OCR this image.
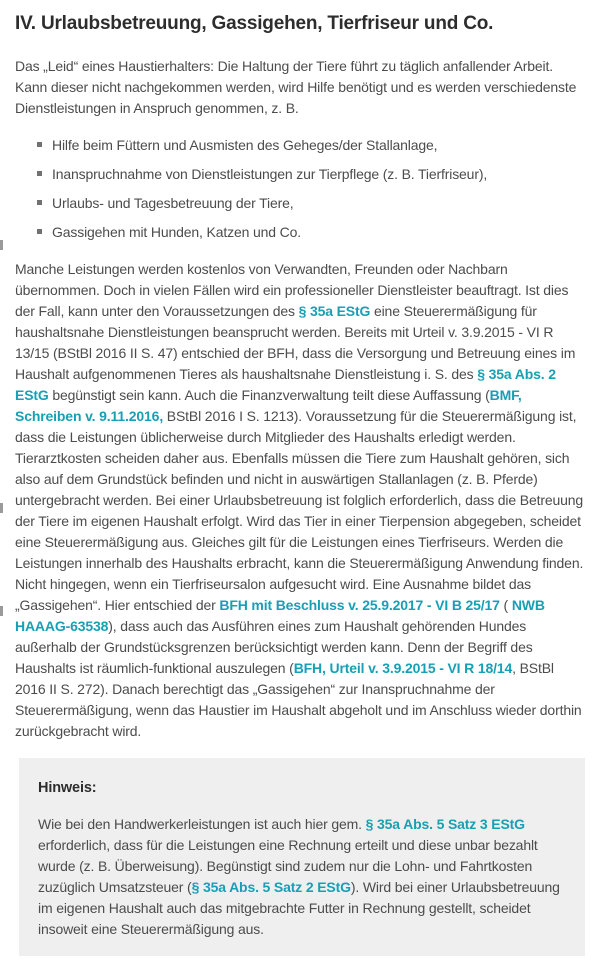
IV. Urlaubsbetreuung, Gassigehen, Tierfriseur und Co.

Das „Leid“ eines Haustierhalters: Die Haltung der Tiere führt zu täglich anfallender Arbeit. Kann dieser nicht nachgekommen werden, wird Hilfe benötigt und es werden verschiedenste Dienstleistungen in Anspruch genommen, z. B.

Hilfe beim Füttern und Ausmisten des Geheges/der Stallanlage,
Inanspruchnahme von Dienstleistungen zur Tierpflege (z. B. Tierfriseur),
Urlaubs- und Tagesbetreuung der Tiere,
Gassigehen mit Hunden, Katzen und Co.

Manche Leistungen werden kostenlos von Verwandten, Freunden oder Nachbarn übernommen. Doch in vielen Fällen wird ein professioneller Dienstleister beauftragt. Ist dies der Fall, kann unter den Voraussetzungen des § 35a EStG eine Steuerermäßigung für haushaltsnahe Dienstleistungen beansprucht werden. Bereits mit Urteil v. 3.9.2015 - VI R 13/15 (BStBl 2016 II S. 47) entschied der BFH, dass die Versorgung und Betreuung eines im Haushalt aufgenommenen Tieres als haushaltsnahe Dienstleistung i. S. des § 35a Abs. 2 EStG begünstigt sein kann. Auch die Finanzverwaltung teilt diese Auffassung (BMF, Schreiben v. 9.11.2016, BStBl 2016 I S. 1213). Voraussetzung für die Steuerermäßigung ist, dass die Leistungen üblicherweise durch Mitglieder des Haushalts erledigt werden. Tierarztkosten scheiden daher aus. Ebenfalls müssen die Tiere zum Haushalt gehören, sich also auf dem Grundstück befinden und nicht in auswärtigen Stallanlagen (z. B. Pferde) untergebracht werden. Bei einer Urlaubsbetreuung ist folglich erforderlich, dass die Betreuung der Tiere im eigenen Haushalt erfolgt. Wird das Tier in einer Tierpension abgegeben, scheidet eine Steuerermäßigung aus. Gleiches gilt für die Leistungen eines Tierfriseurs. Werden die Leistungen innerhalb des Haushalts erbracht, kann die Steuerermäßigung Anwendung finden. Nicht hingegen, wenn ein Tierfriseursalon aufgesucht wird. Eine Ausnahme bildet das „Gassigehen“. Hier entschied der BFH mit Beschluss v. 25.9.2017 - VI B 25/17 ( NWB HAAAG-63538), dass auch das Ausführen eines zum Haushalt gehörenden Hundes außerhalb der Grundstücksgrenzen berücksichtigt werden kann. Denn der Begriff des Haushalts ist räumlich-funktional auszulegen (BFH, Urteil v. 3.9.2015 - VI R 18/14, BStBl 2016 II S. 272). Danach berechtigt das „Gassigehen“ zur Inanspruchnahme der Steuerermäßigung, wenn das Haustier im Haushalt abgeholt und im Anschluss wieder dorthin zurückgebracht wird.

Hinweis:

Wie bei den Handwerkerleistungen ist auch hier gem. § 35a Abs. 5 Satz 3 EStG erforderlich, dass für die Leistungen eine Rechnung erteilt und diese unbar bezahlt wurde (z. B. Überweisung). Begünstigt sind zudem nur die Lohn- und Fahrtkosten zuzüglich Umsatzsteuer (§ 35a Abs. 5 Satz 2 EStG). Wird bei einer Urlaubsbetreuung im eigenen Haushalt auch das mitgebrachte Futter in Rechnung gestellt, scheidet insoweit eine Steuerermäßigung aus.
